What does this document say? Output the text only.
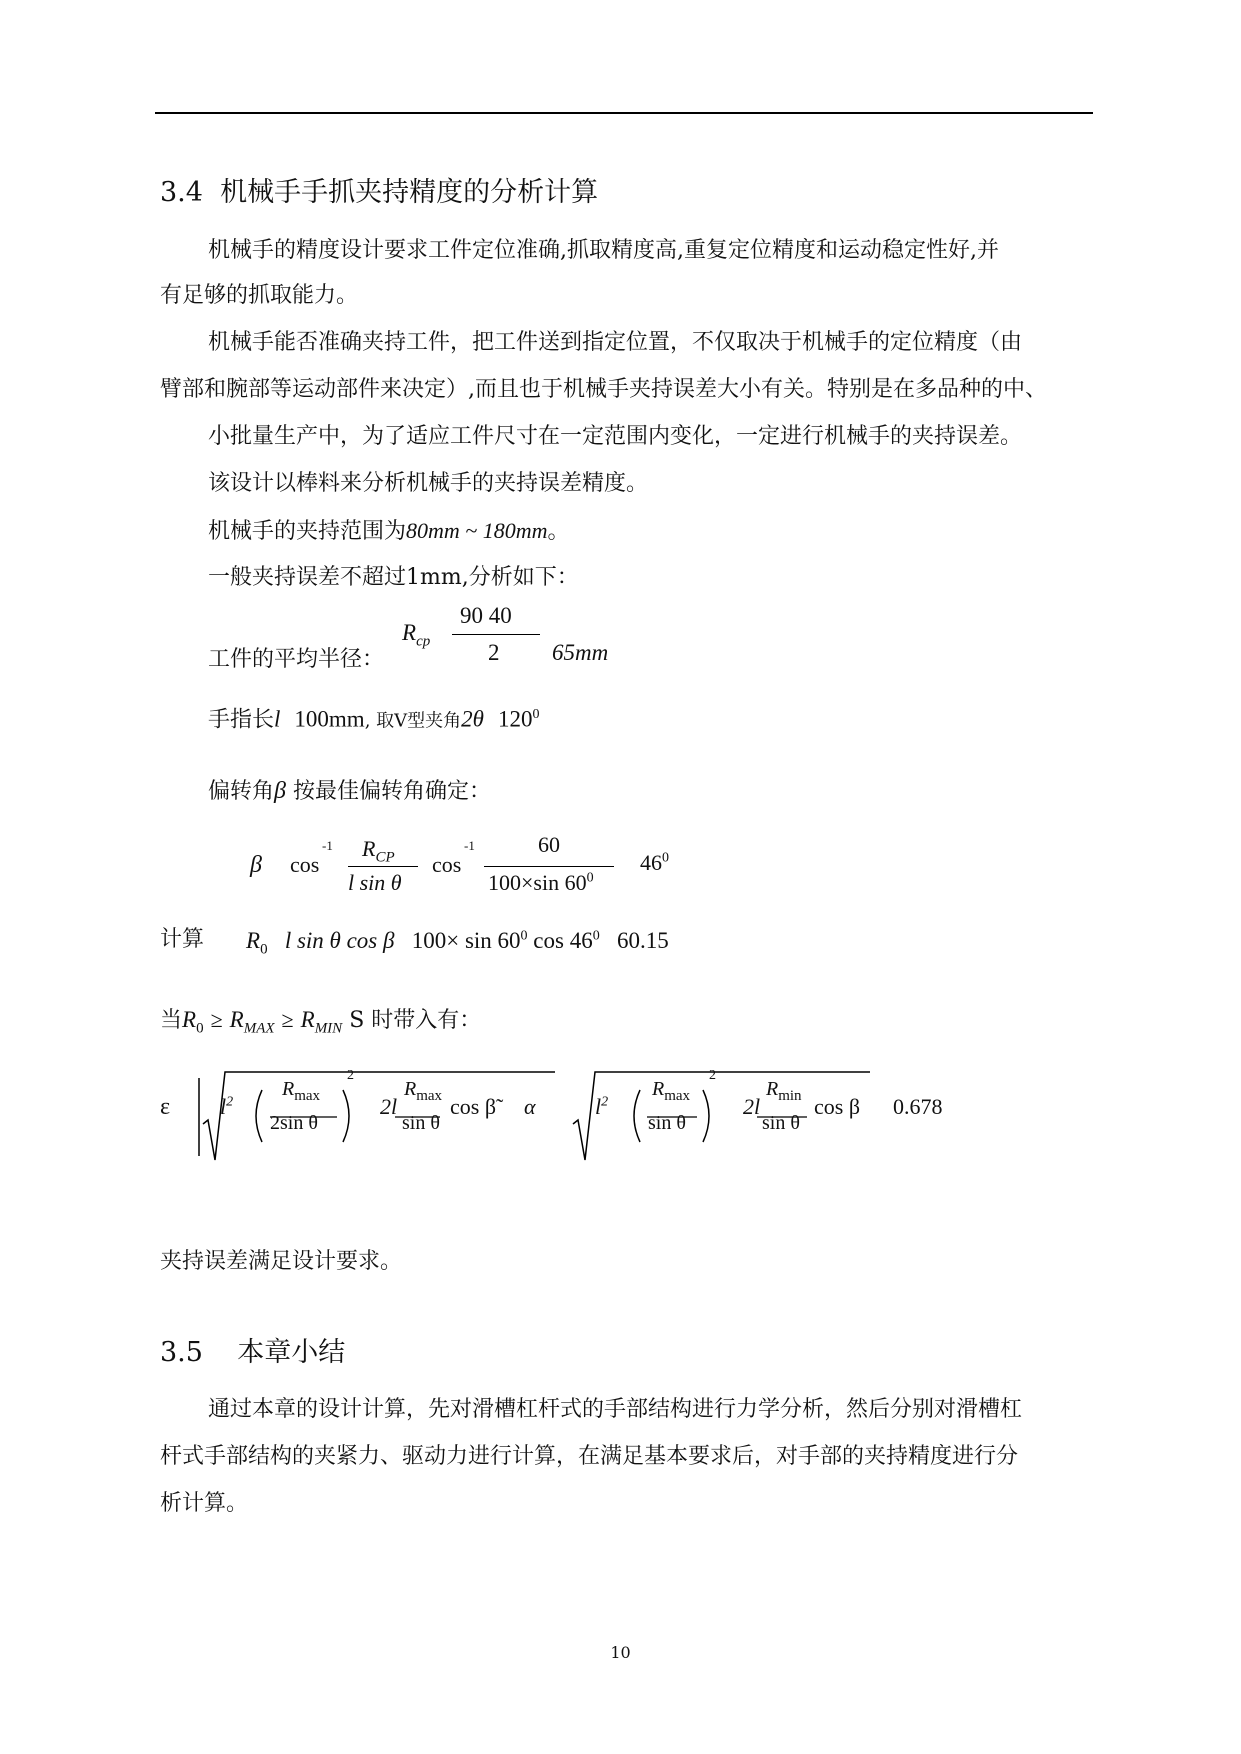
3.4 机械手手抓夹持精度的分析计算
机械手的精度设计要求工件定位准确,抓取精度高,重复定位精度和运动稳定性好,并
有足够的抓取能力。
机械手能否准确夹持工件，把工件送到指定位置，不仅取决于机械手的定位精度（由
臂部和腕部等运动部件来决定）,而且也于机械手夹持误差大小有关。特别是在多品种的中、
小批量生产中，为了适应工件尺寸在一定范围内变化，一定进行机械手的夹持误差。
该设计以棒料来分析机械手的夹持误差精度。
机械手的夹持范围为80mm ~ 180mm。
一般夹持误差不超过1mm,分析如下：
工件的平均半径：
$R_{cp}$
90 40
2 65mm
手指长l 100mm, 取V型夹角2θ $120^0$
偏转角β 按最佳偏转角确定：
β cos
-1 $R_{CP}$
l sin θ
cos
-1	60
100×sin $60^0$
$46^0$
计算 $R_0$ l sin θ cos β $100\times \sin 60^0$ $\cos 46^0$ 60.15
当$R_0 \ge R_{MAX} \ge R_{MIN}$ S 时带入有：
ε $l^2$
$R_{max}$
2sin θ
2
2l
$R_{max}$
sin θ
cos β̃ α	$l^2$
$R_{max}$
sin θ
2
2l
$R_{min}$
sin θ
cos β 0.678
夹持误差满足设计要求。
3.5 本章小结
通过本章的设计计算，先对滑槽杠杆式的手部结构进行力学分析，然后分别对滑槽杠
杆式手部结构的夹紧力、驱动力进行计算，在满足基本要求后，对手部的夹持精度进行分
析计算。
10
